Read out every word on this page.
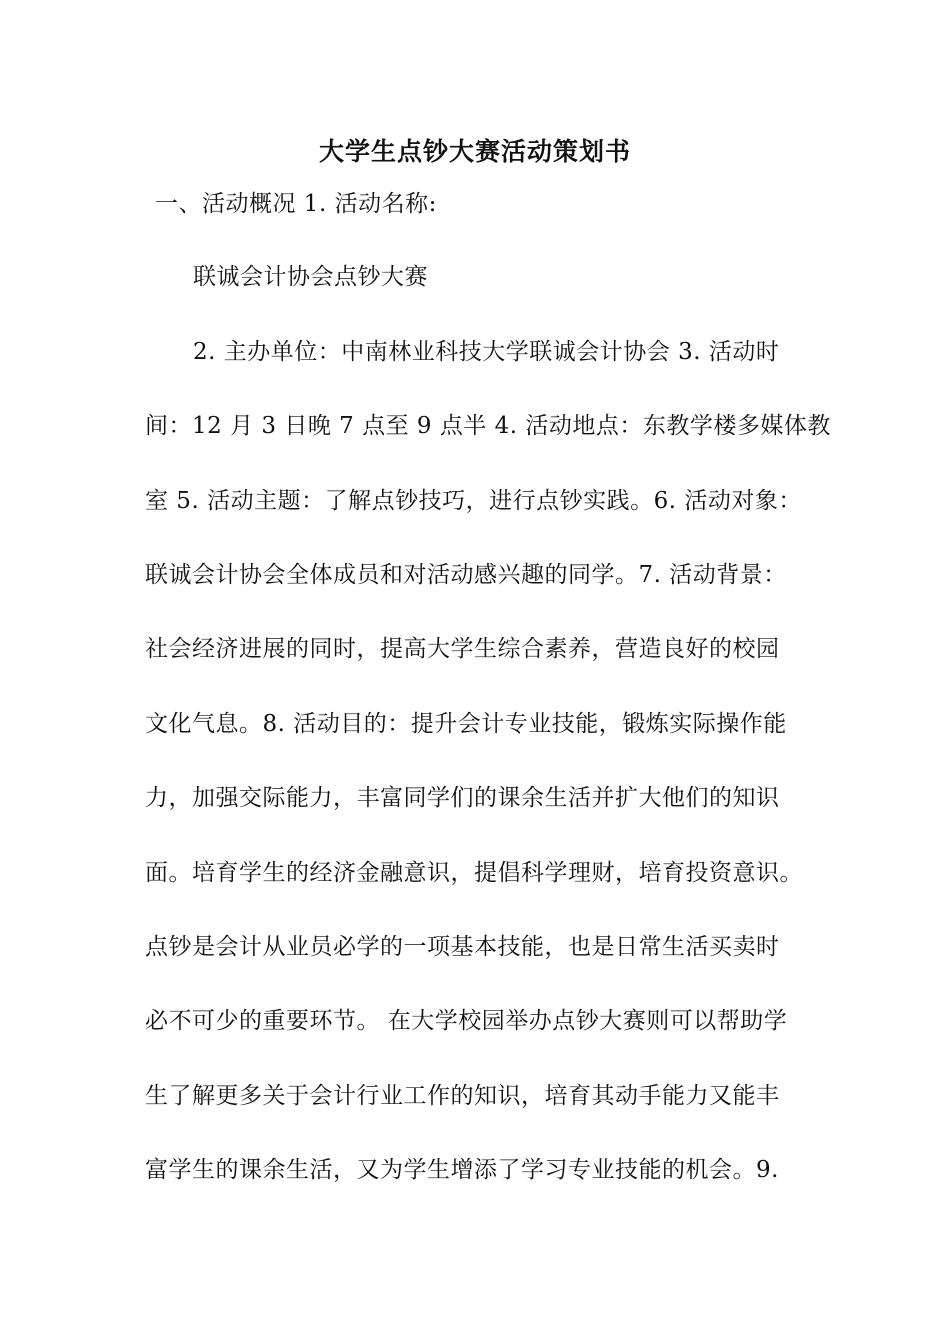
大学生点钞大赛活动策划书
一、活动概况 1. 活动名称:
联诚会计协会点钞大赛
2. 主办单位：中南林业科技大学联诚会计协会 3. 活动时
间：12 月 3 日晚 7 点至 9 点半 4. 活动地点：东教学楼多媒体教
室 5. 活动主题：了解点钞技巧，进行点钞实践。6. 活动对象：
联诚会计协会全体成员和对活动感兴趣的同学。7. 活动背景：
社会经济进展的同时，提高大学生综合素养，营造良好的校园
文化气息。8. 活动目的：提升会计专业技能，锻炼实际操作能
力，加强交际能力，丰富同学们的课余生活并扩大他们的知识
面。培育学生的经济金融意识，提倡科学理财，培育投资意识。
点钞是会计从业员必学的一项基本技能，也是日常生活买卖时
必不可少的重要环节。 在大学校园举办点钞大赛则可以帮助学
生了解更多关于会计行业工作的知识，培育其动手能力又能丰
富学生的课余生活，又为学生增添了学习专业技能的机会。9.
